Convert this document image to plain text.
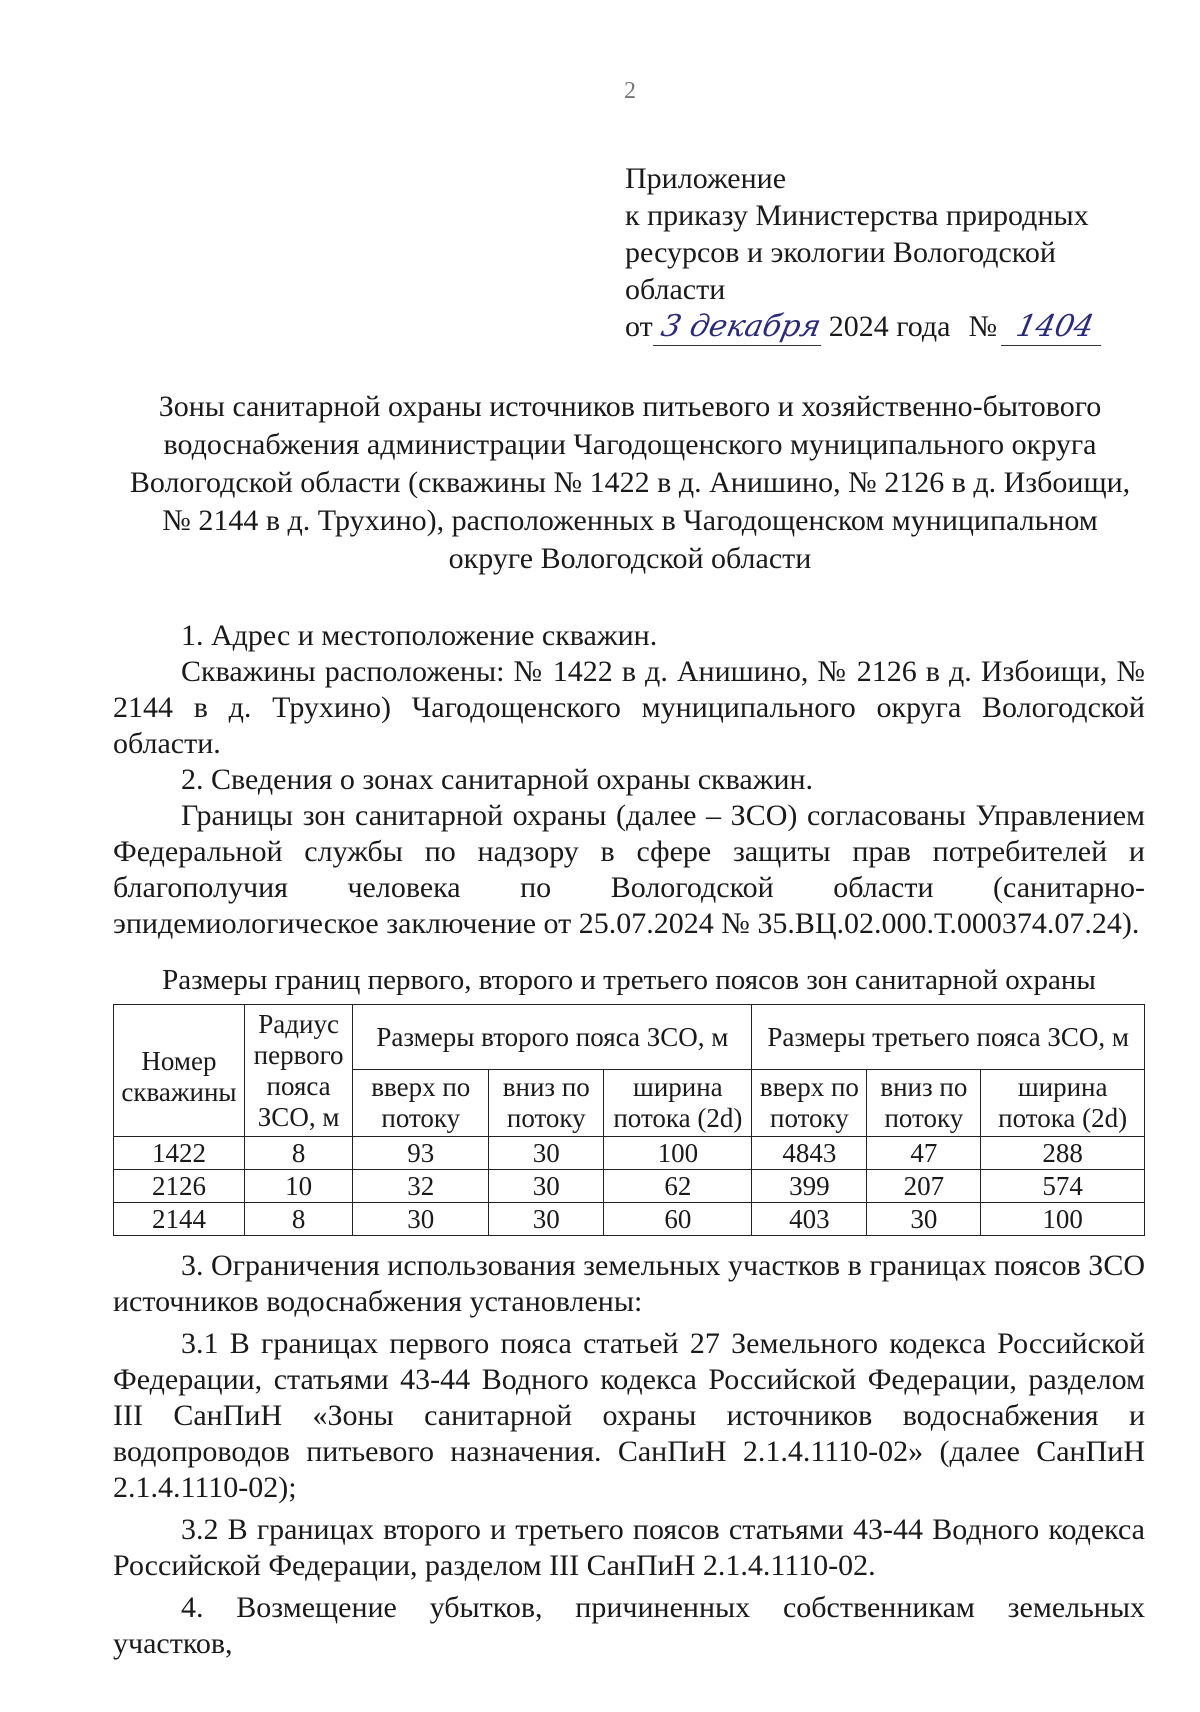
2
Приложение
к приказу Министерства природных
ресурсов и экологии Вологодской
области
от 3 декабря 2024 года № 1404
Зоны санитарной охраны источников питьевого и хозяйственно-бытового водоснабжения администрации Чагодощенского муниципального округа Вологодской области (скважины № 1422 в д. Анишино, № 2126 в д. Избоищи, № 2144 в д. Трухино), расположенных в Чагодощенском муниципальном округе Вологодской области

1. Адрес и местоположение скважин.

Скважины расположены: № 1422 в д. Анишино, № 2126 в д. Избоищи, № 2144 в д. Трухино) Чагодощенского муниципального округа Вологодской области.

2. Сведения о зонах санитарной охраны скважин.

Границы зон санитарной охраны (далее – ЗСО) согласованы Управлением Федеральной службы по надзору в сфере защиты прав потребителей и благополучия человека по Вологодской области (санитарно-эпидемиологическое заключение от 25.07.2024 № 35.ВЦ.02.000.Т.000374.07.24).

Размеры границ первого, второго и третьего поясов зон санитарной охраны
Номер скважины	Радиус первого пояса ЗСО, м	Размеры второго пояса ЗСО, м			Размеры третьего пояса ЗСО, м		
		вверх по потоку	вниз по потоку	ширина потока (2d)	вверх по потоку	вниз по потоку	ширина потока (2d)
1422	8	93	30	100	4843	47	288
2126	10	32	30	62	399	207	574
2144	8	30	30	60	403	30	100

3. Ограничения использования земельных участков в границах поясов ЗСО источников водоснабжения установлены:

3.1 В границах первого пояса статьей 27 Земельного кодекса Российской Федерации, статьями 43-44 Водного кодекса Российской Федерации, разделом III СанПиН «Зоны санитарной охраны источников водоснабжения и водопроводов питьевого назначения. СанПиН 2.1.4.1110-02» (далее СанПиН 2.1.4.1110-02);

3.2 В границах второго и третьего поясов статьями 43-44 Водного кодекса Российской Федерации, разделом III СанПиН 2.1.4.1110-02.

4. Возмещение убытков, причиненных собственникам земельных участков,
